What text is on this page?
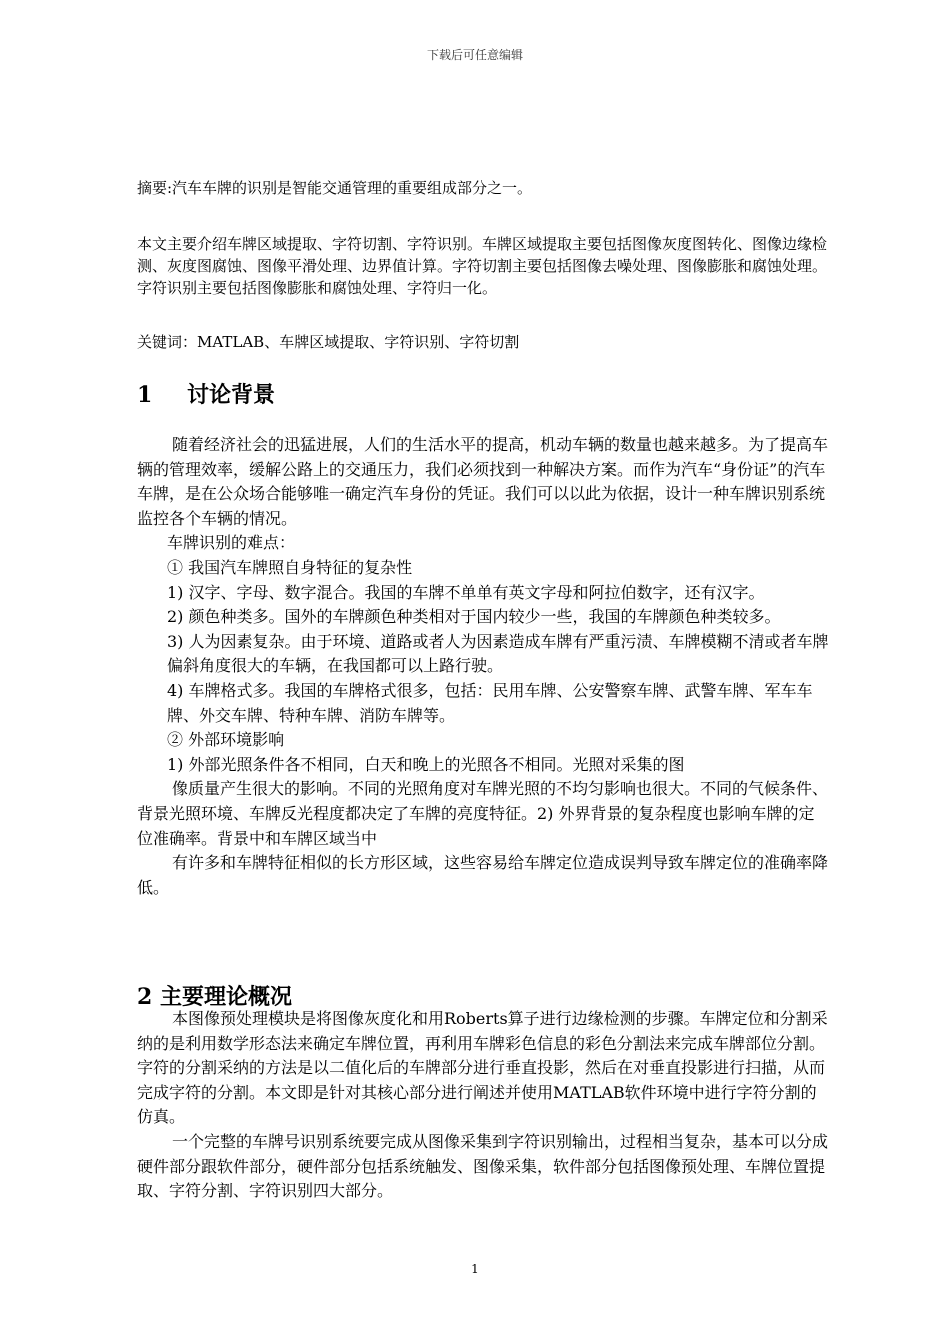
下载后可任意编辑
摘要:汽车车牌的识别是智能交通管理的重要组成部分之一。
本文主要介绍车牌区域提取、字符切割、字符识别。车牌区域提取主要包括图像灰度图转化、图像边缘检测、灰度图腐蚀、图像平滑处理、边界值计算。字符切割主要包括图像去噪处理、图像膨胀和腐蚀处理。字符识别主要包括图像膨胀和腐蚀处理、字符归一化。
关键词：MATLAB、车牌区域提取、字符识别、字符切割
1 讨论背景

随着经济社会的迅猛进展，人们的生活水平的提高，机动车辆的数量也越来越多。为了提高车辆的管理效率，缓解公路上的交通压力，我们必须找到一种解决方案。而作为汽车“身份证”的汽车车牌，是在公众场合能够唯一确定汽车身份的凭证。我们可以以此为依据，设计一种车牌识别系统监控各个车辆的情况。

车牌识别的难点：

① 我国汽车牌照自身特征的复杂性

1) 汉字、字母、数字混合。我国的车牌不单单有英文字母和阿拉伯数字，还有汉字。

2) 颜色种类多。国外的车牌颜色种类相对于国内较少一些，我国的车牌颜色种类较多。

3) 人为因素复杂。由于环境、道路或者人为因素造成车牌有严重污渍、车牌模糊不清或者车牌偏斜角度很大的车辆，在我国都可以上路行驶。

4) 车牌格式多。我国的车牌格式很多，包括：民用车牌、公安警察车牌、武警车牌、军车车牌、外交车牌、特种车牌、消防车牌等。

② 外部环境影响

1) 外部光照条件各不相同，白天和晚上的光照各不相同。光照对采集的图

像质量产生很大的影响。不同的光照角度对车牌光照的不均匀影响也很大。不同的气候条件、背景光照环境、车牌反光程度都决定了车牌的亮度特征。2) 外界背景的复杂程度也影响车牌的定位准确率。背景中和车牌区域当中

有许多和车牌特征相似的长方形区域，这些容易给车牌定位造成误判导致车牌定位的准确率降低。

2 主要理论概况

本图像预处理模块是将图像灰度化和用Roberts算子进行边缘检测的步骤。车牌定位和分割采纳的是利用数学形态法来确定车牌位置，再利用车牌彩色信息的彩色分割法来完成车牌部位分割。字符的分割采纳的方法是以二值化后的车牌部分进行垂直投影，然后在对垂直投影进行扫描，从而完成字符的分割。本文即是针对其核心部分进行阐述并使用MATLAB软件环境中进行字符分割的仿真。

一个完整的车牌号识别系统要完成从图像采集到字符识别输出，过程相当复杂，基本可以分成硬件部分跟软件部分，硬件部分包括系统触发、图像采集，软件部分包括图像预处理、车牌位置提取、字符分割、字符识别四大部分。

1
